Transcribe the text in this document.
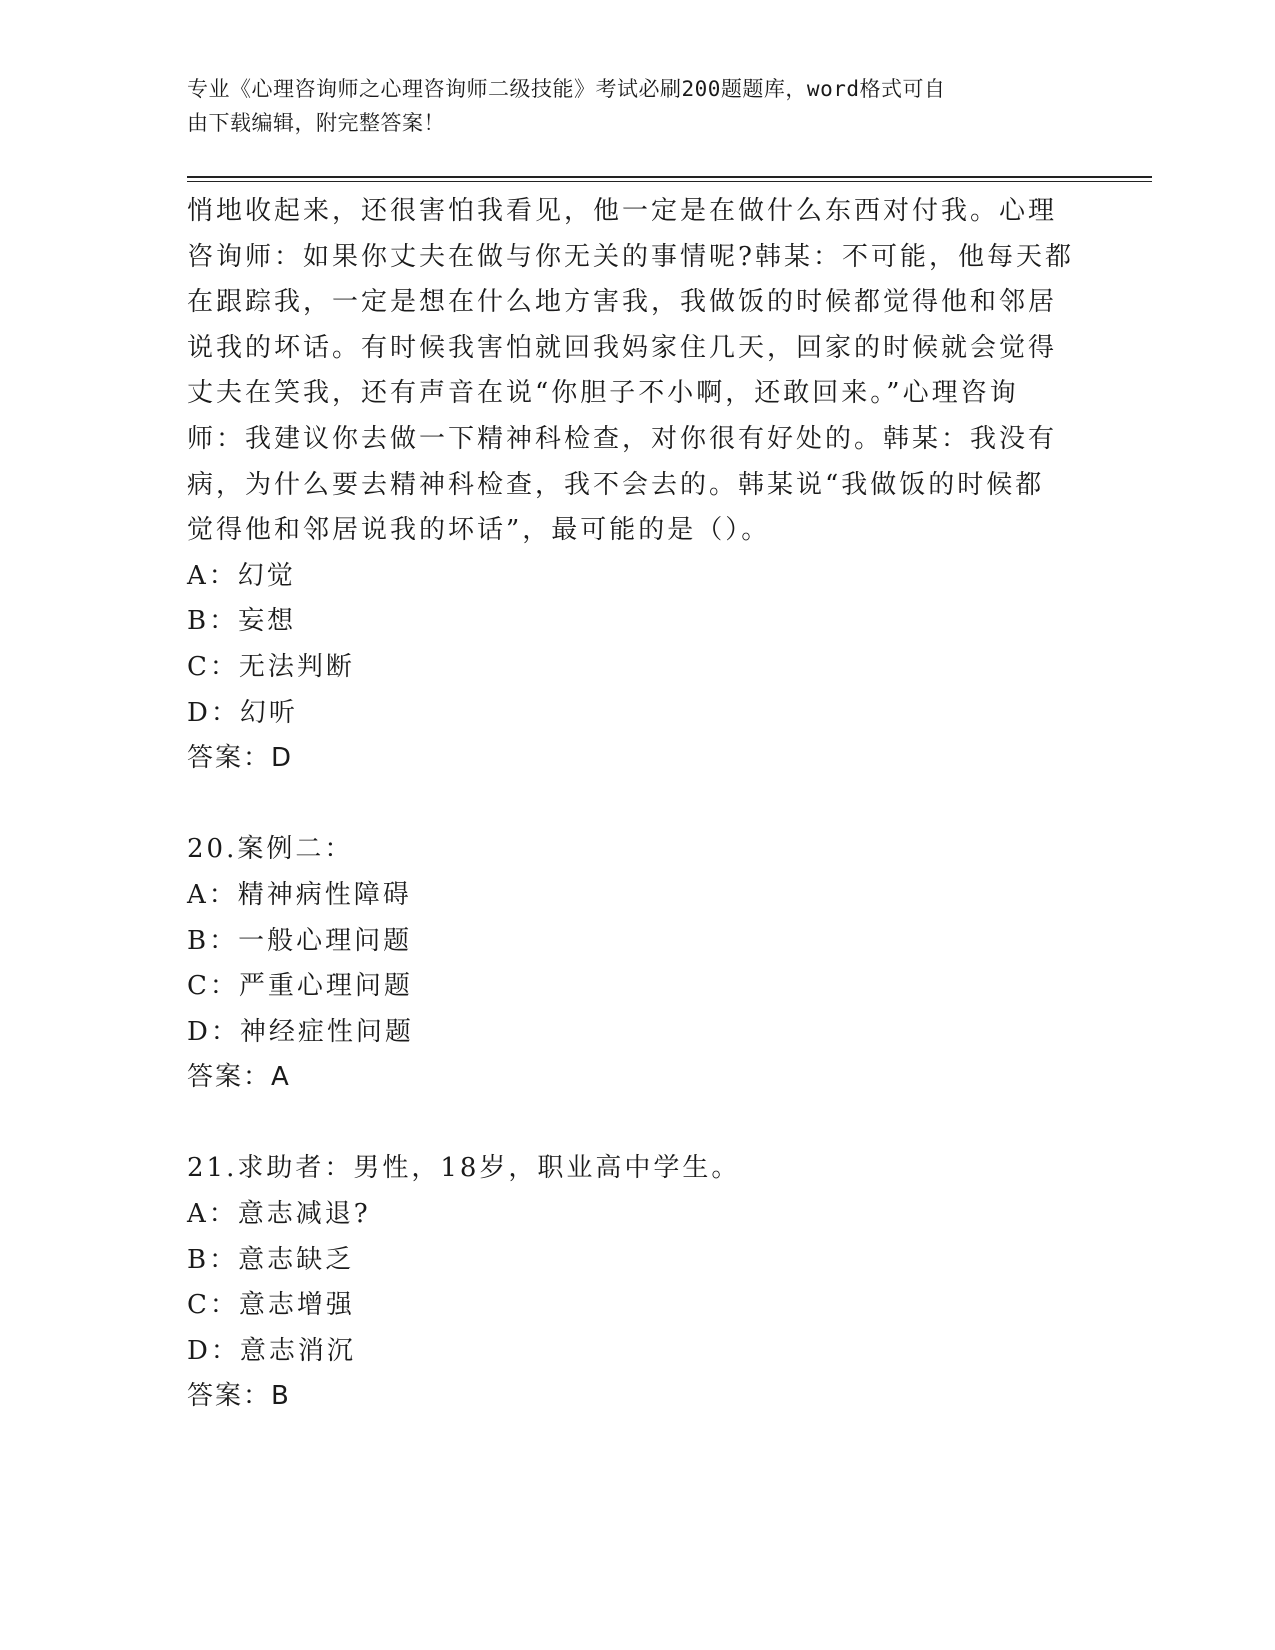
专业《心理咨询师之心理咨询师二级技能》考试必刷200题题库，word格式可自
由下载编辑，附完整答案！

悄地收起来，还很害怕我看见，他一定是在做什么东西对付我。心理

咨询师：如果你丈夫在做与你无关的事情呢?韩某：不可能，他每天都

在跟踪我，一定是想在什么地方害我，我做饭的时候都觉得他和邻居

说我的坏话。有时候我害怕就回我妈家住几天，回家的时候就会觉得

丈夫在笑我，还有声音在说“你胆子不小啊，还敢回来。”心理咨询

师：我建议你去做一下精神科检查，对你很有好处的。韩某：我没有

病，为什么要去精神科检查，我不会去的。韩某说“我做饭的时候都

觉得他和邻居说我的坏话”，最可能的是（）。

A：幻觉

B：妄想

C：无法判断

D：幻听

答案：D

20.案例二：

A：精神病性障碍

B：一般心理问题

C：严重心理问题

D：神经症性问题

答案：A

21.求助者：男性，18岁，职业高中学生。

A：意志减退?

B：意志缺乏

C：意志增强

D：意志消沉

答案：B
